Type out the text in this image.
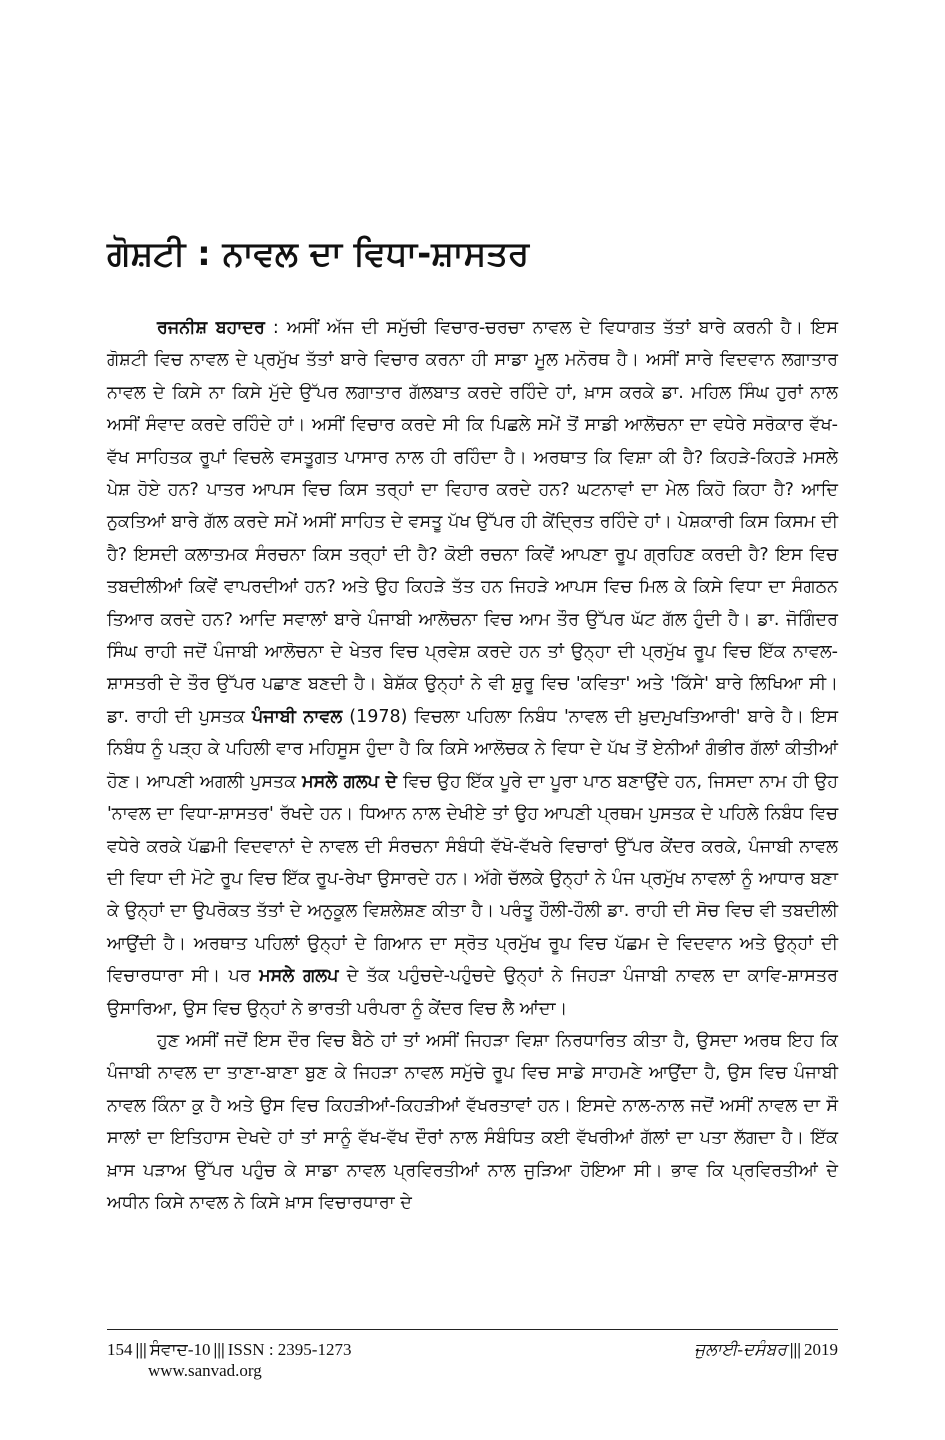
ਗੋਸ਼ਟੀ : ਨਾਵਲ ਦਾ ਵਿਧਾ-ਸ਼ਾਸਤਰ

ਰਜਨੀਸ਼ ਬਹਾਦਰ : ਅਸੀਂ ਅੱਜ ਦੀ ਸਮੁੱਚੀ ਵਿਚਾਰ-ਚਰਚਾ ਨਾਵਲ ਦੇ ਵਿਧਾਗਤ ਤੱਤਾਂ ਬਾਰੇ ਕਰਨੀ ਹੈ। ਇਸ ਗੋਸ਼ਟੀ ਵਿਚ ਨਾਵਲ ਦੇ ਪ੍ਰਮੁੱਖ ਤੱਤਾਂ ਬਾਰੇ ਵਿਚਾਰ ਕਰਨਾ ਹੀ ਸਾਡਾ ਮੂਲ ਮਨੋਰਥ ਹੈ। ਅਸੀਂ ਸਾਰੇ ਵਿਦਵਾਨ ਲਗਾਤਾਰ ਨਾਵਲ ਦੇ ਕਿਸੇ ਨਾ ਕਿਸੇ ਮੁੱਦੇ ਉੱਪਰ ਲਗਾਤਾਰ ਗੱਲਬਾਤ ਕਰਦੇ ਰਹਿੰਦੇ ਹਾਂ, ਖ਼ਾਸ ਕਰਕੇ ਡਾ. ਮਹਿਲ ਸਿੰਘ ਹੁਰਾਂ ਨਾਲ ਅਸੀਂ ਸੰਵਾਦ ਕਰਦੇ ਰਹਿੰਦੇ ਹਾਂ। ਅਸੀਂ ਵਿਚਾਰ ਕਰਦੇ ਸੀ ਕਿ ਪਿਛਲੇ ਸਮੇਂ ਤੋਂ ਸਾਡੀ ਆਲੋਚਨਾ ਦਾ ਵਧੇਰੇ ਸਰੋਕਾਰ ਵੱਖ-ਵੱਖ ਸਾਹਿਤਕ ਰੂਪਾਂ ਵਿਚਲੇ ਵਸਤੂਗਤ ਪਾਸਾਰ ਨਾਲ ਹੀ ਰਹਿੰਦਾ ਹੈ। ਅਰਥਾਤ ਕਿ ਵਿਸ਼ਾ ਕੀ ਹੈ? ਕਿਹੜੇ-ਕਿਹੜੇ ਮਸਲੇ ਪੇਸ਼ ਹੋਏ ਹਨ? ਪਾਤਰ ਆਪਸ ਵਿਚ ਕਿਸ ਤਰ੍ਹਾਂ ਦਾ ਵਿਹਾਰ ਕਰਦੇ ਹਨ? ਘਟਨਾਵਾਂ ਦਾ ਮੇਲ ਕਿਹੋ ਕਿਹਾ ਹੈ? ਆਦਿ ਨੁਕਤਿਆਂ ਬਾਰੇ ਗੱਲ ਕਰਦੇ ਸਮੇਂ ਅਸੀਂ ਸਾਹਿਤ ਦੇ ਵਸਤੂ ਪੱਖ ਉੱਪਰ ਹੀ ਕੇਂਦ੍ਰਿਤ ਰਹਿੰਦੇ ਹਾਂ। ਪੇਸ਼ਕਾਰੀ ਕਿਸ ਕਿਸਮ ਦੀ ਹੈ? ਇਸਦੀ ਕਲਾਤਮਕ ਸੰਰਚਨਾ ਕਿਸ ਤਰ੍ਹਾਂ ਦੀ ਹੈ? ਕੋਈ ਰਚਨਾ ਕਿਵੇਂ ਆਪਣਾ ਰੂਪ ਗ੍ਰਹਿਣ ਕਰਦੀ ਹੈ? ਇਸ ਵਿਚ ਤਬਦੀਲੀਆਂ ਕਿਵੇਂ ਵਾਪਰਦੀਆਂ ਹਨ? ਅਤੇ ਉਹ ਕਿਹੜੇ ਤੱਤ ਹਨ ਜਿਹੜੇ ਆਪਸ ਵਿਚ ਮਿਲ ਕੇ ਕਿਸੇ ਵਿਧਾ ਦਾ ਸੰਗਠਨ ਤਿਆਰ ਕਰਦੇ ਹਨ? ਆਦਿ ਸਵਾਲਾਂ ਬਾਰੇ ਪੰਜਾਬੀ ਆਲੋਚਨਾ ਵਿਚ ਆਮ ਤੌਰ ਉੱਪਰ ਘੱਟ ਗੱਲ ਹੁੰਦੀ ਹੈ। ਡਾ. ਜੋਗਿੰਦਰ ਸਿੰਘ ਰਾਹੀ ਜਦੋਂ ਪੰਜਾਬੀ ਆਲੋਚਨਾ ਦੇ ਖੇਤਰ ਵਿਚ ਪ੍ਰਵੇਸ਼ ਕਰਦੇ ਹਨ ਤਾਂ ਉਨ੍ਹਾ ਦੀ ਪ੍ਰਮੁੱਖ ਰੂਪ ਵਿਚ ਇੱਕ ਨਾਵਲ-ਸ਼ਾਸਤਰੀ ਦੇ ਤੌਰ ਉੱਪਰ ਪਛਾਣ ਬਣਦੀ ਹੈ। ਬੇਸ਼ੱਕ ਉਨ੍ਹਾਂ ਨੇ ਵੀ ਸ਼ੁਰੂ ਵਿਚ 'ਕਵਿਤਾ' ਅਤੇ 'ਕਿੱਸੇ' ਬਾਰੇ ਲਿਖਿਆ ਸੀ। ਡਾ. ਰਾਹੀ ਦੀ ਪੁਸਤਕ ਪੰਜਾਬੀ ਨਾਵਲ (1978) ਵਿਚਲਾ ਪਹਿਲਾ ਨਿਬੰਧ 'ਨਾਵਲ ਦੀ ਖ਼ੁਦਮੁਖਤਿਆਰੀ' ਬਾਰੇ ਹੈ। ਇਸ ਨਿਬੰਧ ਨੂੰ ਪੜ੍ਹ ਕੇ ਪਹਿਲੀ ਵਾਰ ਮਹਿਸੂਸ ਹੁੰਦਾ ਹੈ ਕਿ ਕਿਸੇ ਆਲੋਚਕ ਨੇ ਵਿਧਾ ਦੇ ਪੱਖ ਤੋਂ ਏਨੀਆਂ ਗੰਭੀਰ ਗੱਲਾਂ ਕੀਤੀਆਂ ਹੋਣ। ਆਪਣੀ ਅਗਲੀ ਪੁਸਤਕ ਮਸਲੇ ਗਲਪ ਦੇ ਵਿਚ ਉਹ ਇੱਕ ਪੂਰੇ ਦਾ ਪੂਰਾ ਪਾਠ ਬਣਾਉਂਦੇ ਹਨ, ਜਿਸਦਾ ਨਾਮ ਹੀ ਉਹ 'ਨਾਵਲ ਦਾ ਵਿਧਾ-ਸ਼ਾਸਤਰ' ਰੱਖਦੇ ਹਨ। ਧਿਆਨ ਨਾਲ ਦੇਖੀਏ ਤਾਂ ਉਹ ਆਪਣੀ ਪ੍ਰਥਮ ਪੁਸਤਕ ਦੇ ਪਹਿਲੇ ਨਿਬੰਧ ਵਿਚ ਵਧੇਰੇ ਕਰਕੇ ਪੱਛਮੀ ਵਿਦਵਾਨਾਂ ਦੇ ਨਾਵਲ ਦੀ ਸੰਰਚਨਾ ਸੰਬੰਧੀ ਵੱਖੋ-ਵੱਖਰੇ ਵਿਚਾਰਾਂ ਉੱਪਰ ਕੇਂਦਰ ਕਰਕੇ, ਪੰਜਾਬੀ ਨਾਵਲ ਦੀ ਵਿਧਾ ਦੀ ਮੋਟੇ ਰੂਪ ਵਿਚ ਇੱਕ ਰੂਪ-ਰੇਖਾ ਉਸਾਰਦੇ ਹਨ। ਅੱਗੇ ਚੱਲਕੇ ਉਨ੍ਹਾਂ ਨੇ ਪੰਜ ਪ੍ਰਮੁੱਖ ਨਾਵਲਾਂ ਨੂੰ ਆਧਾਰ ਬਣਾ ਕੇ ਉਨ੍ਹਾਂ ਦਾ ਉਪਰੋਕਤ ਤੱਤਾਂ ਦੇ ਅਨੁਕੂਲ ਵਿਸ਼ਲੇਸ਼ਣ ਕੀਤਾ ਹੈ। ਪਰੰਤੂ ਹੌਲੀ-ਹੌਲੀ ਡਾ. ਰਾਹੀ ਦੀ ਸੋਚ ਵਿਚ ਵੀ ਤਬਦੀਲੀ ਆਉਂਦੀ ਹੈ। ਅਰਥਾਤ ਪਹਿਲਾਂ ਉਨ੍ਹਾਂ ਦੇ ਗਿਆਨ ਦਾ ਸ੍ਰੋਤ ਪ੍ਰਮੁੱਖ ਰੂਪ ਵਿਚ ਪੱਛਮ ਦੇ ਵਿਦਵਾਨ ਅਤੇ ਉਨ੍ਹਾਂ ਦੀ ਵਿਚਾਰਧਾਰਾ ਸੀ। ਪਰ ਮਸਲੇ ਗਲਪ ਦੇ ਤੱਕ ਪਹੁੰਚਦੇ-ਪਹੁੰਚਦੇ ਉਨ੍ਹਾਂ ਨੇ ਜਿਹੜਾ ਪੰਜਾਬੀ ਨਾਵਲ ਦਾ ਕਾਵਿ-ਸ਼ਾਸਤਰ ਉਸਾਰਿਆ, ਉਸ ਵਿਚ ਉਨ੍ਹਾਂ ਨੇ ਭਾਰਤੀ ਪਰੰਪਰਾ ਨੂੰ ਕੇਂਦਰ ਵਿਚ ਲੈ ਆਂਦਾ।

ਹੁਣ ਅਸੀਂ ਜਦੋਂ ਇਸ ਦੌਰ ਵਿਚ ਬੈਠੇ ਹਾਂ ਤਾਂ ਅਸੀਂ ਜਿਹੜਾ ਵਿਸ਼ਾ ਨਿਰਧਾਰਿਤ ਕੀਤਾ ਹੈ, ਉਸਦਾ ਅਰਥ ਇਹ ਕਿ ਪੰਜਾਬੀ ਨਾਵਲ ਦਾ ਤਾਣਾ-ਬਾਣਾ ਬੁਣ ਕੇ ਜਿਹੜਾ ਨਾਵਲ ਸਮੁੱਚੇ ਰੂਪ ਵਿਚ ਸਾਡੇ ਸਾਹਮਣੇ ਆਉਂਦਾ ਹੈ, ਉਸ ਵਿਚ ਪੰਜਾਬੀ ਨਾਵਲ ਕਿੰਨਾ ਕੁ ਹੈ ਅਤੇ ਉਸ ਵਿਚ ਕਿਹੜੀਆਂ-ਕਿਹੜੀਆਂ ਵੱਖਰਤਾਵਾਂ ਹਨ। ਇਸਦੇ ਨਾਲ-ਨਾਲ ਜਦੋਂ ਅਸੀਂ ਨਾਵਲ ਦਾ ਸੌ ਸਾਲਾਂ ਦਾ ਇਤਿਹਾਸ ਦੇਖਦੇ ਹਾਂ ਤਾਂ ਸਾਨੂੰ ਵੱਖ-ਵੱਖ ਦੌਰਾਂ ਨਾਲ ਸੰਬੰਧਿਤ ਕਈ ਵੱਖਰੀਆਂ ਗੱਲਾਂ ਦਾ ਪਤਾ ਲੱਗਦਾ ਹੈ। ਇੱਕ ਖ਼ਾਸ ਪੜਾਅ ਉੱਪਰ ਪਹੁੰਚ ਕੇ ਸਾਡਾ ਨਾਵਲ ਪ੍ਰਵਿਰਤੀਆਂ ਨਾਲ ਜੁੜਿਆ ਹੋਇਆ ਸੀ। ਭਾਵ ਕਿ ਪ੍ਰਵਿਰਤੀਆਂ ਦੇ ਅਧੀਨ ਕਿਸੇ ਨਾਵਲ ਨੇ ਕਿਸੇ ਖ਼ਾਸ ਵਿਚਾਰਧਾਰਾ ਦੇ

154 ||| ਸੰਵਾਦ-10 ||| ISSN : 2395-1273
www.sanvad.org
ਜੁਲਾਈ-ਦਸੰਬਰ ||| 2019
